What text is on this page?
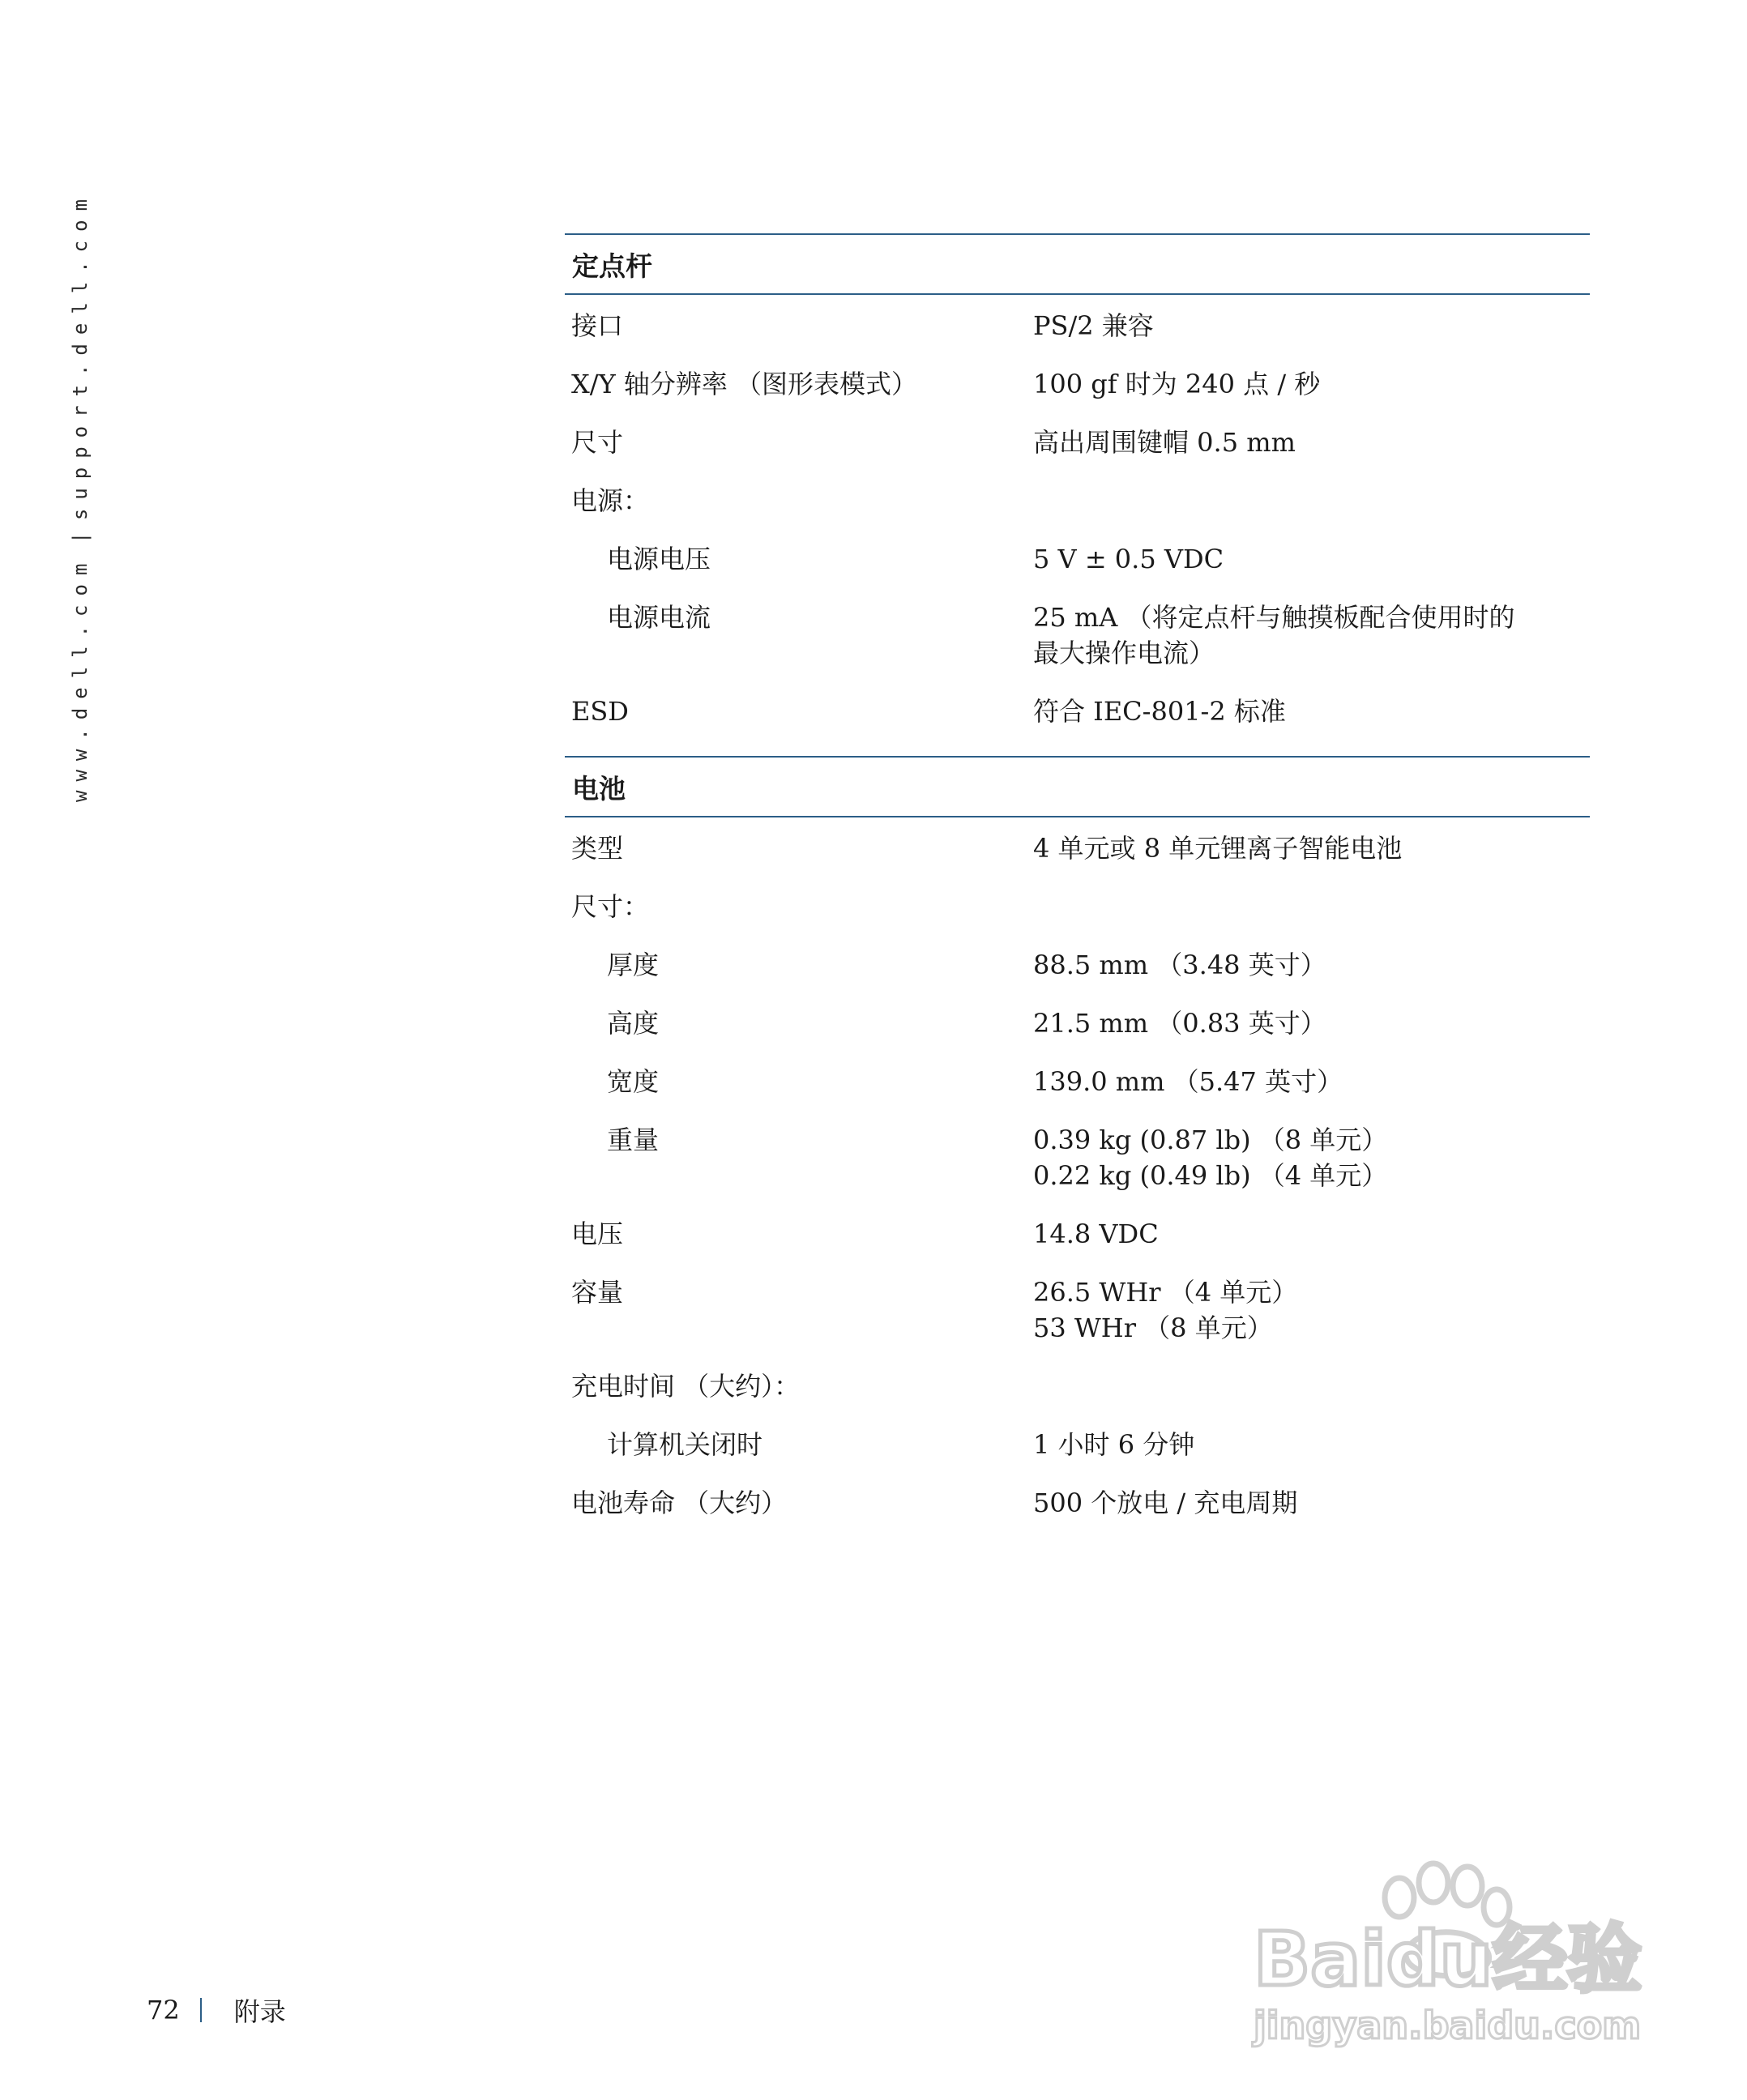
www.dell.com|support.dell.com	定点杆
接口	PS/2 兼容
X/Y 轴分辨率 （图形表模式）	100 gf 时为 240 点 / 秒
尺寸	高出周围键帽 0.5 mm
电源：
电源电压	5 V ± 0.5 VDC
电源电流	25 mA （将定点杆与触摸板配合使用时的
最大操作电流）
ESD	符合 IEC-801-2 标准
电池
类型	4 单元或 8 单元锂离子智能电池
尺寸：
厚度	88.5 mm （3.48 英寸）
高度	21.5 mm （0.83 英寸）
宽度	139.0 mm （5.47 英寸）
重量	0.39 kg (0.87 lb) （8 单元）
0.22 kg (0.49 lb) （4 单元）
电压	14.8 VDC
容量	26.5 WHr （4 单元）
53 WHr （8 单元）
充电时间 （大约）：
计算机关闭时	1 小时 6 分钟
电池寿命 （大约）	500 个放电 / 充电周期
72 附录
Baidu经验
jingyan.baidu.com
